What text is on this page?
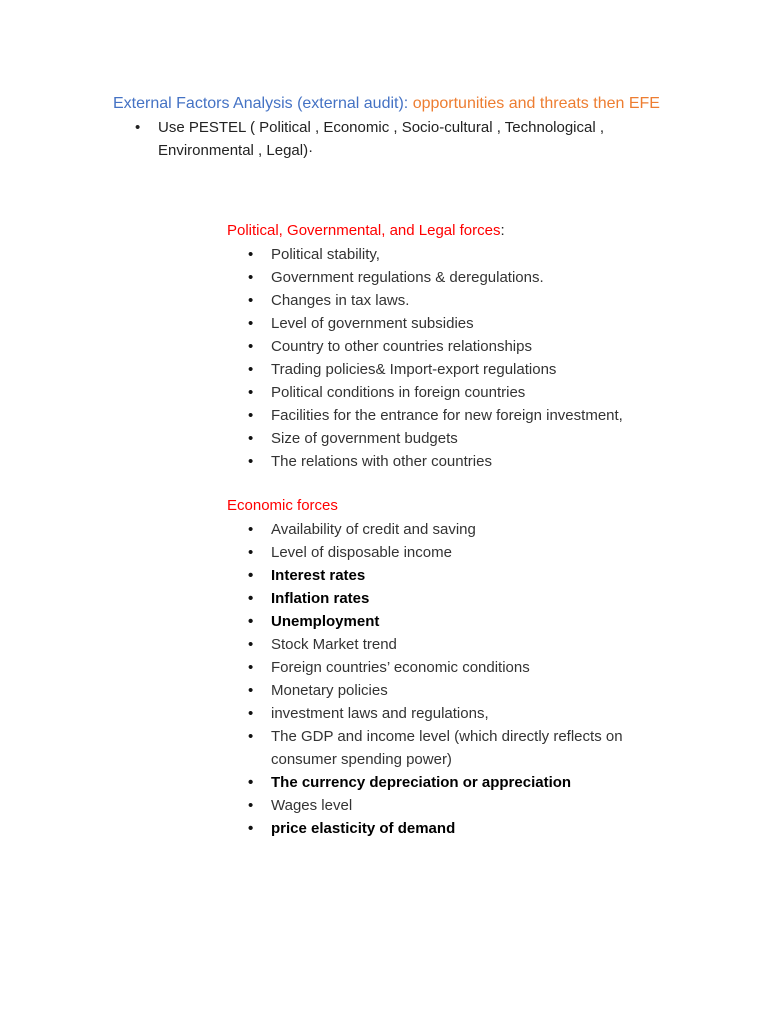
External Factors Analysis (external audit): opportunities and threats then EFE
• Use PESTEL ( Political , Economic , Socio-cultural , Technological , Environmental , Legal)·
Political, Governmental, and Legal forces:
• Political stability,
• Government regulations & deregulations.
• Changes in tax laws.
• Level of government subsidies
• Country to other countries relationships
• Trading policies& Import-export regulations
• Political conditions in foreign countries
• Facilities for the entrance for new foreign investment,
• Size of government budgets
• The relations with other countries
Economic forces
• Availability of credit and saving
• Level of disposable income
• Interest rates
• Inflation rates
• Unemployment
• Stock Market trend
• Foreign countries’ economic conditions
• Monetary policies
• investment laws and regulations,
• The GDP and income level (which directly reflects on consumer spending power)
• The currency depreciation or appreciation
• Wages level
• price elasticity of demand
